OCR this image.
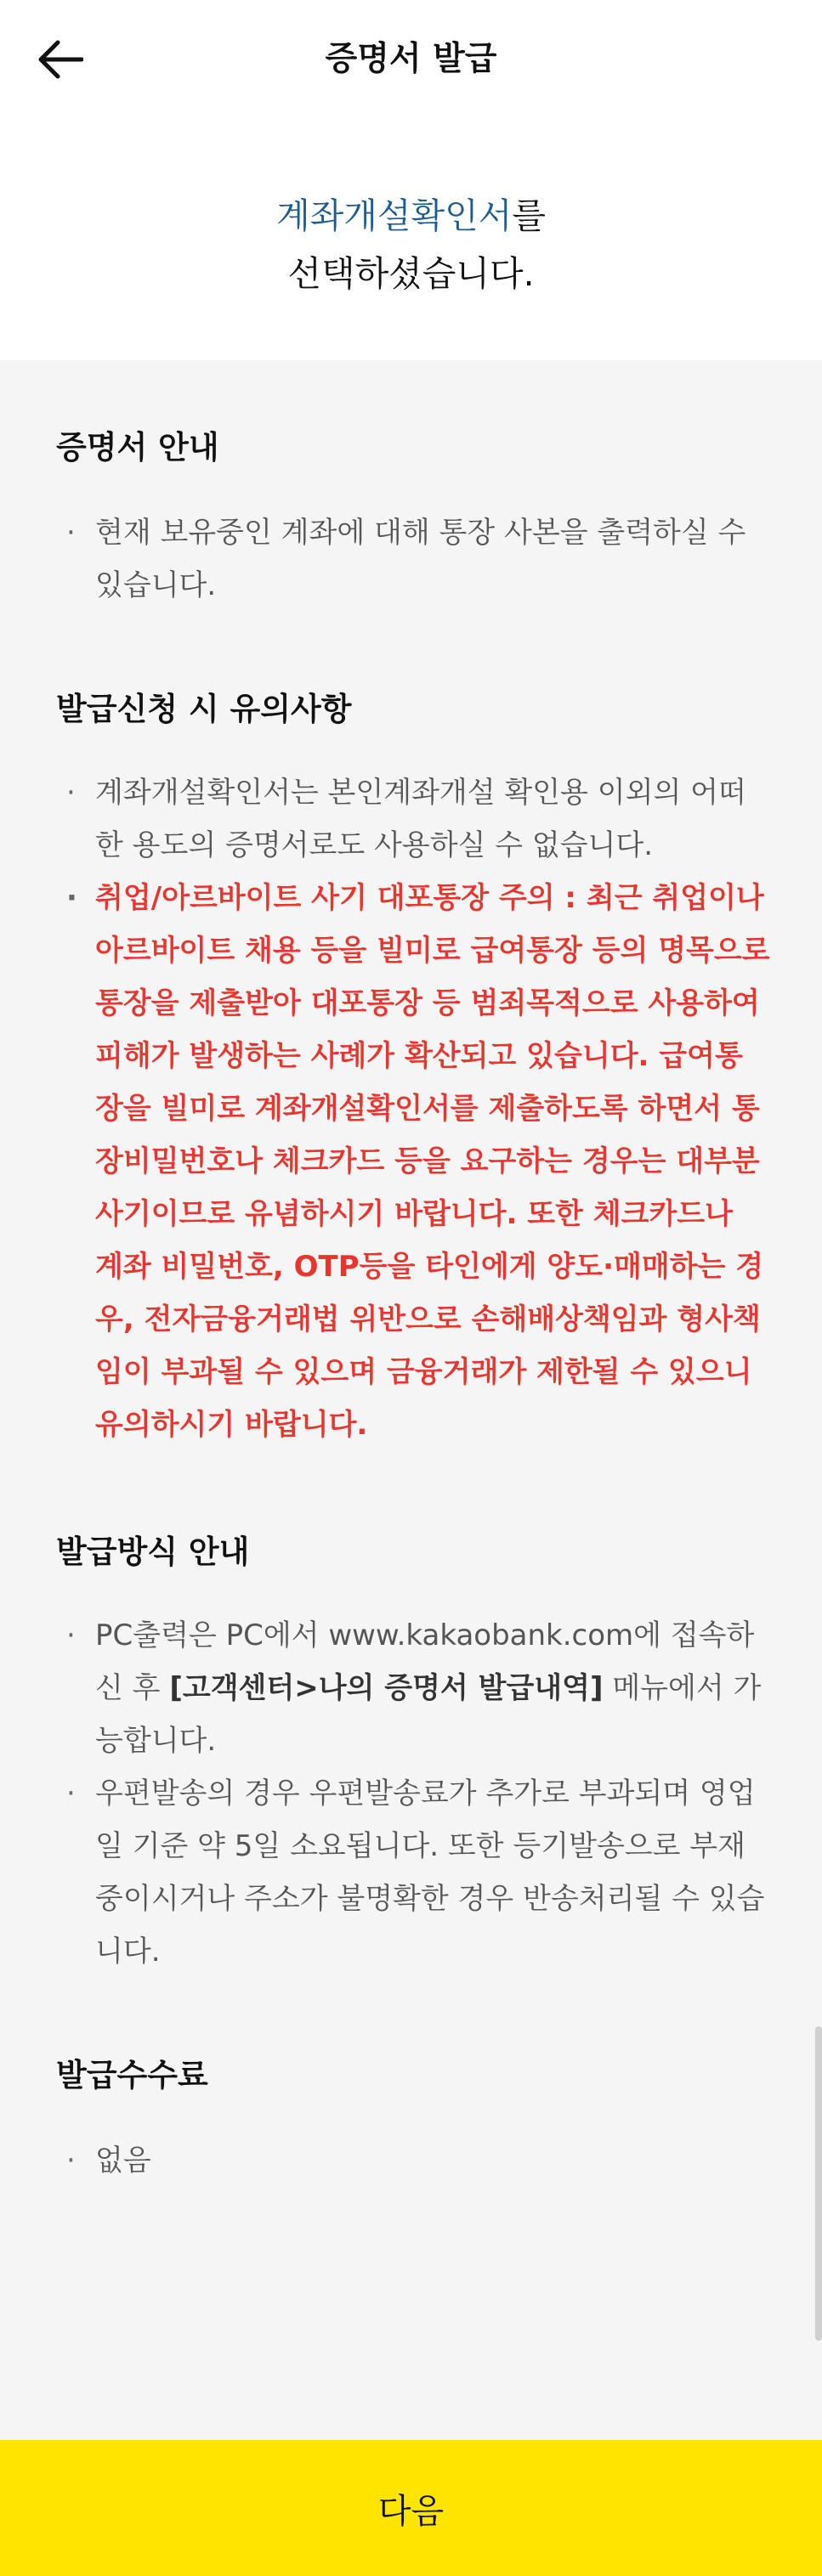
증명서 발급
계좌개설확인서를
선택하셨습니다.
증명서 안내
· 현재 보유중인 계좌에 대해 통장 사본을 출력하실 수 있습니다.
발급신청 시 유의사항
· 계좌개설확인서는 본인계좌개설 확인용 이외의 어떠한 용도의 증명서로도 사용하실 수 없습니다.
· 취업/아르바이트 사기 대포통장 주의 : 최근 취업이나 아르바이트 채용 등을 빌미로 급여통장 등의 명목으로 통장을 제출받아 대포통장 등 범죄목적으로 사용하여 피해가 발생하는 사례가 확산되고 있습니다. 급여통장을 빌미로 계좌개설확인서를 제출하도록 하면서 통장비밀번호나 체크카드 등을 요구하는 경우는 대부분 사기이므로 유념하시기 바랍니다. 또한 체크카드나 계좌 비밀번호, OTP등을 타인에게 양도·매매하는 경우, 전자금융거래법 위반으로 손해배상책임과 형사책임이 부과될 수 있으며 금융거래가 제한될 수 있으니 유의하시기 바랍니다.
발급방식 안내
· PC출력은 PC에서 www.kakaobank.com에 접속하신 후 [고객센터>나의 증명서 발급내역] 메뉴에서 가능합니다.
· 우편발송의 경우 우편발송료가 추가로 부과되며 영업일 기준 약 5일 소요됩니다. 또한 등기발송으로 부재중이시거나 주소가 불명확한 경우 반송처리될 수 있습니다.
발급수수료
· 없음
다음
